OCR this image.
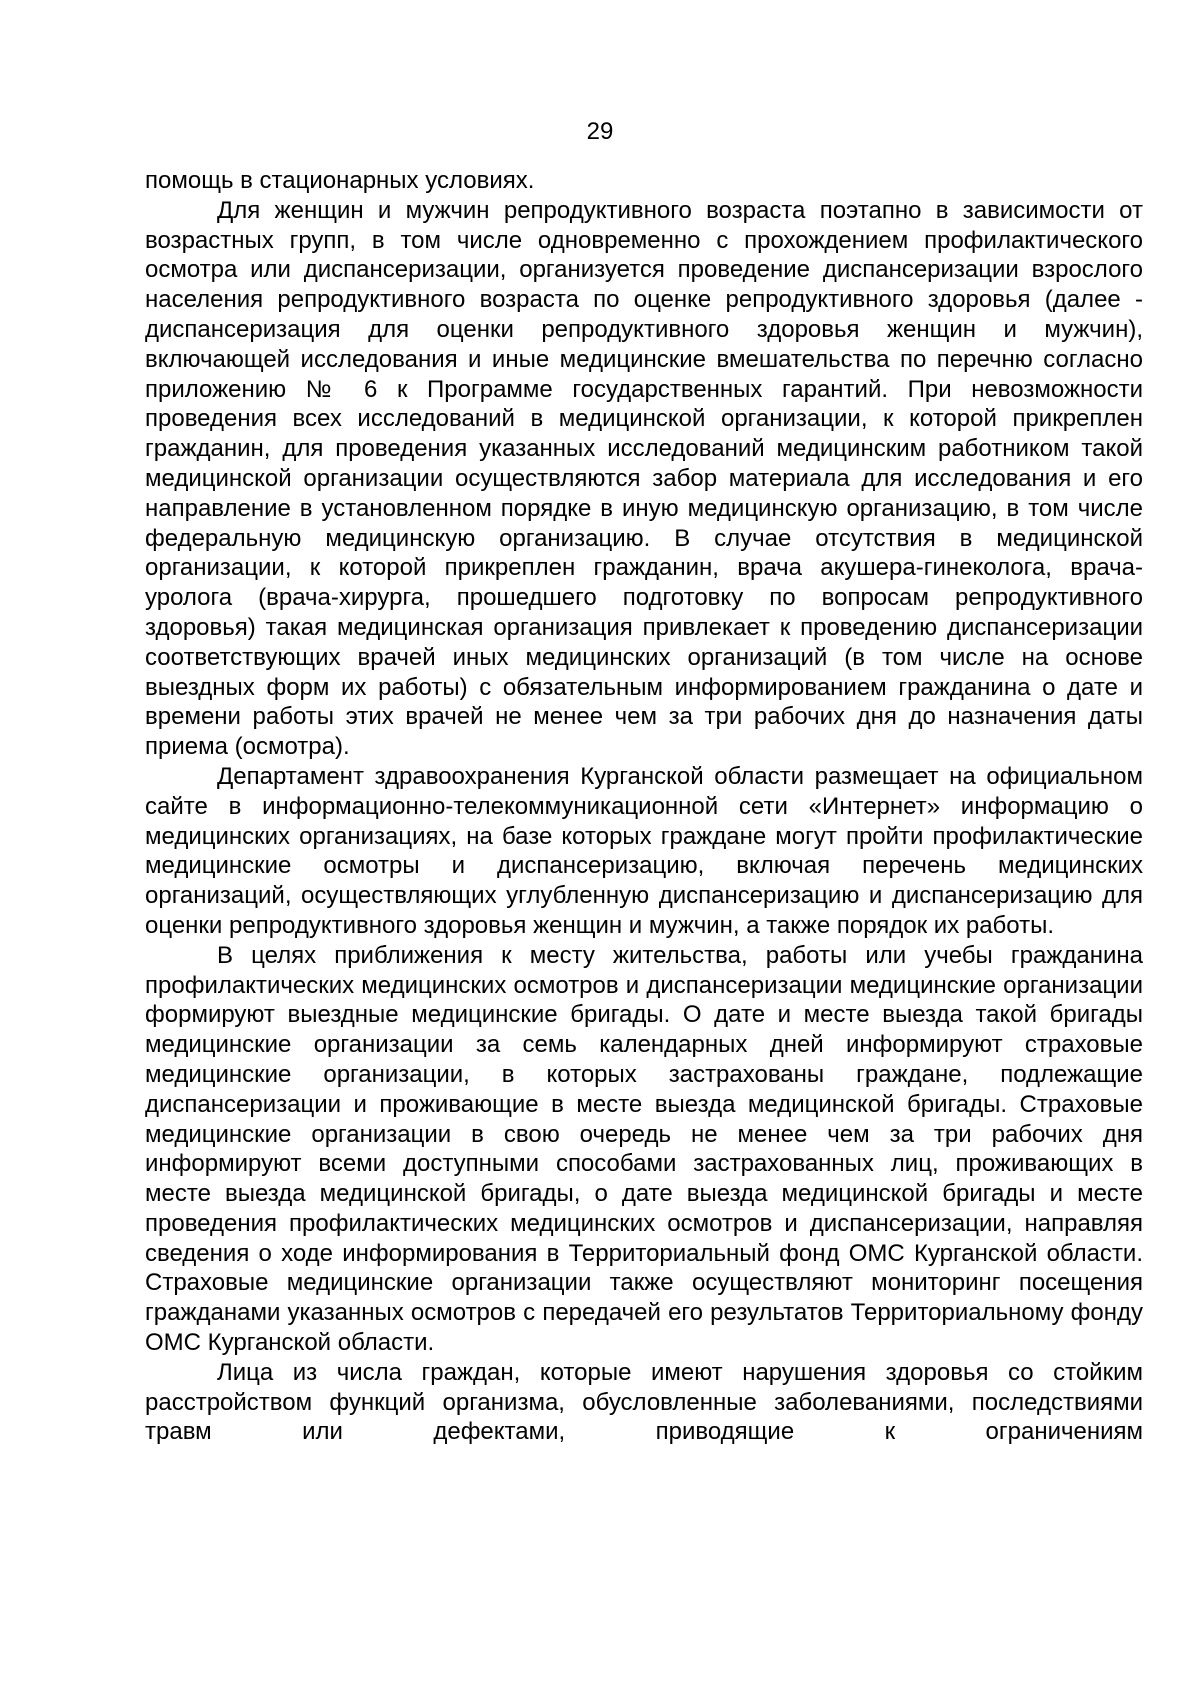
29

помощь в стационарных условиях.

Для женщин и мужчин репродуктивного возраста поэтапно в зависимости от возрастных групп, в том числе одновременно с прохождением профилактического осмотра или диспансеризации, организуется проведение диспансеризации взрослого населения репродуктивного возраста по оценке репродуктивного здоровья (далее - диспансеризация для оценки репродуктивного здоровья женщин и мужчин), включающей исследования и иные медицинские вмешательства по перечню согласно приложению № 6 к Программе государственных гарантий. При невозможности проведения всех исследований в медицинской организации, к которой прикреплен гражданин, для проведения указанных исследований медицинским работником такой медицинской организации осуществляются забор материала для исследования и его направление в установленном порядке в иную медицинскую организацию, в том числе федеральную медицинскую организацию. В случае отсутствия в медицинской организации, к которой прикреплен гражданин, врача акушера-гинеколога, врача-уролога (врача-хирурга, прошедшего подготовку по вопросам репродуктивного здоровья) такая медицинская организация привлекает к проведению диспансеризации соответствующих врачей иных медицинских организаций (в том числе на основе выездных форм их работы) с обязательным информированием гражданина о дате и времени работы этих врачей не менее чем за три рабочих дня до назначения даты приема (осмотра).

Департамент здравоохранения Курганской области размещает на официальном сайте в информационно-телекоммуникационной сети «Интернет» информацию о медицинских организациях, на базе которых граждане могут пройти профилактические медицинские осмотры и диспансеризацию, включая перечень медицинских организаций, осуществляющих углубленную диспансеризацию и диспансеризацию для оценки репродуктивного здоровья женщин и мужчин, а также порядок их работы.

В целях приближения к месту жительства, работы или учебы гражданина профилактических медицинских осмотров и диспансеризации медицинские организации формируют выездные медицинские бригады. О дате и месте выезда такой бригады медицинские организации за семь календарных дней информируют страховые медицинские организации, в которых застрахованы граждане, подлежащие диспансеризации и проживающие в месте выезда медицинской бригады. Страховые медицинские организации в свою очередь не менее чем за три рабочих дня информируют всеми доступными способами застрахованных лиц, проживающих в месте выезда медицинской бригады, о дате выезда медицинской бригады и месте проведения профилактических медицинских осмотров и диспансеризации, направляя сведения о ходе информирования в Территориальный фонд ОМС Курганской области. Страховые медицинские организации также осуществляют мониторинг посещения гражданами указанных осмотров с передачей его результатов Территориальному фонду ОМС Курганской области.

Лица из числа граждан, которые имеют нарушения здоровья со стойким расстройством функций организма, обусловленные заболеваниями, последствиями травм или дефектами, приводящие к ограничениям
